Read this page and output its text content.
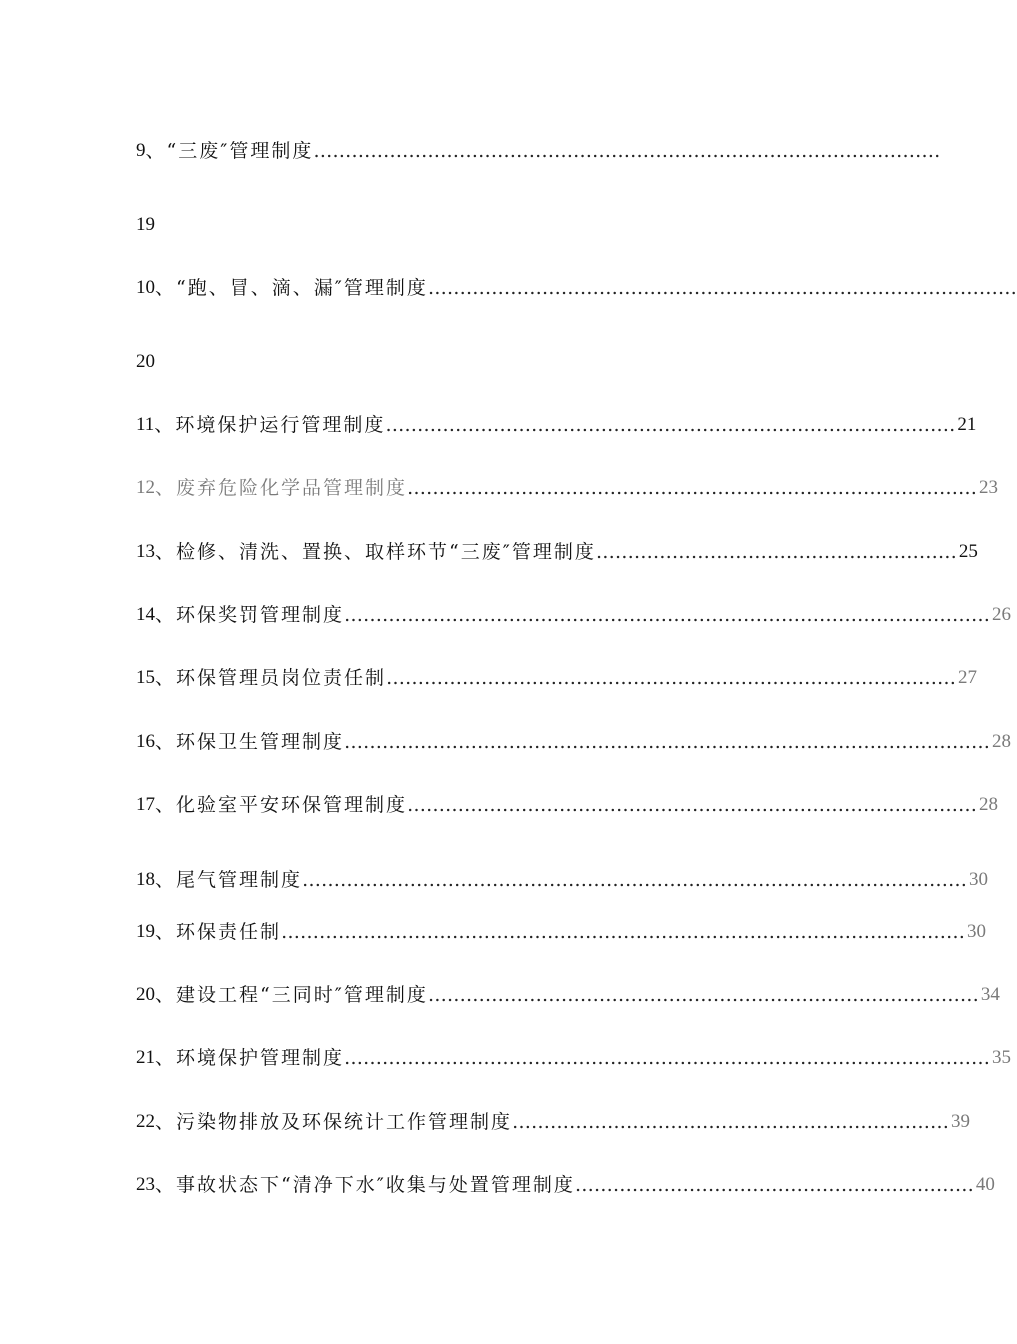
9 、 “三废″管理制度 ………………………………………………………………………………………
19
10 、 “跑、冒、滴、漏″管理制度 …………………………………………………………………………………
20
11 、 环境保护运行管理制度 ……………………………………………………………………………… 21
12 、 废弃危险化学品管理制度 ……………………………………………………………………………… 23
13 、 检修、清洗、置换、取样环节“三废″管理制度 ………………………………………………… 25
14 、 环保奖罚管理制度 ………………………………………………………………………………………… 26
15 、 环保管理员岗位责任制 ……………………………………………………………………………… 27
16 、 环保卫生管理制度 ………………………………………………………………………………………… 28
17 、 化验室平安环保管理制度 ……………………………………………………………………………… 28
18 、 尾气管理制度 …………………………………………………………………………………………… 30
19 、 环保责任制 ……………………………………………………………………………………………… 30
20 、 建设工程“三同时″管理制度 …………………………………………………………………………… 34
21 、 环境保护管理制度 ………………………………………………………………………………………… 35
22 、 污染物排放及环保统计工作管理制度 …………………………………………………………… 39
23 、 事故状态下“清净下水″收集与处置管理制度 ……………………………………………………… 40
